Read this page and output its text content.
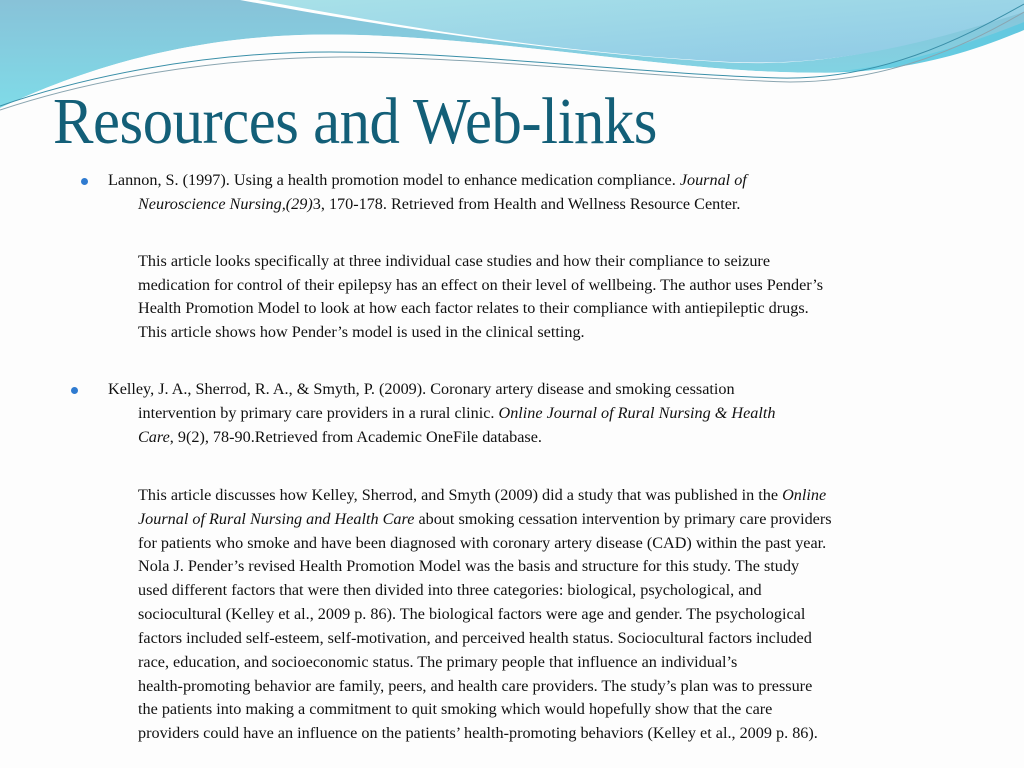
Resources and Web-links
Lannon, S. (1997). Using a health promotion model to enhance medication compliance. Journal of
Neuroscience Nursing,(29)3, 170-178. Retrieved from Health and Wellness Resource Center.
This article looks specifically at three individual case studies and how their compliance to seizure
medication for control of their epilepsy has an effect on their level of wellbeing. The author uses Pender’s
Health Promotion Model to look at how each factor relates to their compliance with antiepileptic drugs.
This article shows how Pender’s model is used in the clinical setting.
Kelley, J. A., Sherrod, R. A., & Smyth, P. (2009). Coronary artery disease and smoking cessation
intervention by primary care providers in a rural clinic. Online Journal of Rural Nursing & Health
Care, 9(2), 78-90.Retrieved from Academic OneFile database.
This article discusses how Kelley, Sherrod, and Smyth (2009) did a study that was published in the Online
Journal of Rural Nursing and Health Care about smoking cessation intervention by primary care providers
for patients who smoke and have been diagnosed with coronary artery disease (CAD) within the past year.
Nola J. Pender’s revised Health Promotion Model was the basis and structure for this study. The study
used different factors that were then divided into three categories: biological, psychological, and
sociocultural (Kelley et al., 2009 p. 86). The biological factors were age and gender. The psychological
factors included self-esteem, self-motivation, and perceived health status. Sociocultural factors included
race, education, and socioeconomic status. The primary people that influence an individual’s
health-promoting behavior are family, peers, and health care providers. The study’s plan was to pressure
the patients into making a commitment to quit smoking which would hopefully show that the care
providers could have an influence on the patients’ health-promoting behaviors (Kelley et al., 2009 p. 86).
